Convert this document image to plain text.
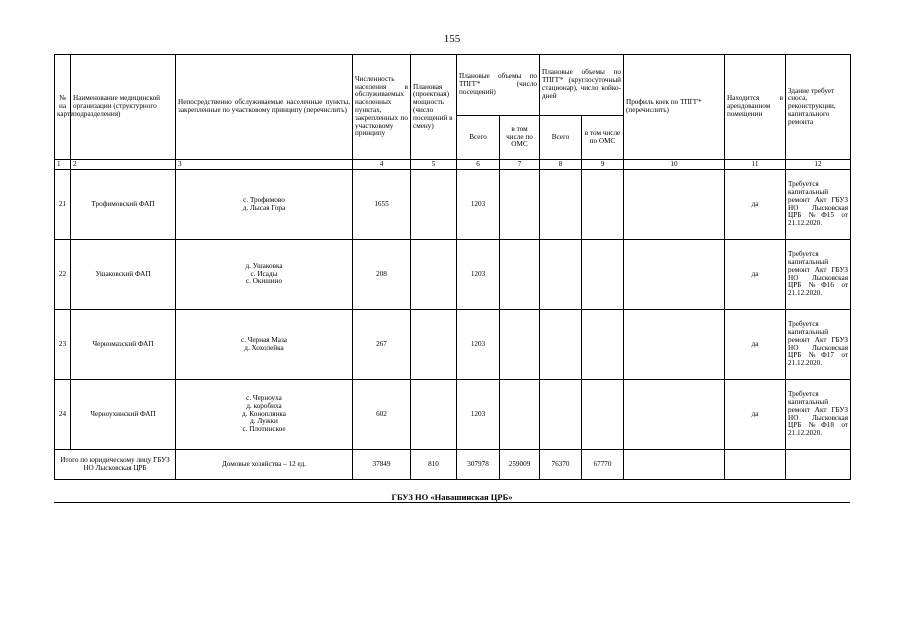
155
№ на карте	Наименование медицинской организации (структурного подразделения)	Непосредственно обслуживаемые населенные пункты, закрепленные по участковому принципу (перечислить)	Численность населения в обслуживаемых населенных пунктах, закрепленных по участковому принципу	Плановая (проектная) мощность (число посещений в смену)	Плановые объемы по ТПГГ* (число посещений)		Плановые объемы по ТПГГ* (круглосуточный стационар), число койко-дней		Профиль коек по ТПГГ* (перечислить)	Находится в арендованном помещении	Здание требует сноса, реконструкции, капитального ремонта
					Всего	в том числе по ОМС	Всего	в том числе по ОМС			
1	2	3	4	5	6	7	8	9	10	11	12
21	Трофимовский ФАП	с. Трофимово
д. Лысая Гора	1655		1203					да	Требуется капитальный ремонт Акт ГБУЗ НО Лысковская ЦРБ №Ф15 от 21.12.2020.
22	Ушаковский ФАП	д. Ушаковка
с. Исады
с. Окишино	208		1203					да	Требуется капитальный ремонт Акт ГБУЗ НО Лысковская ЦРБ №Ф16 от 21.12.2020.
23	Черномазский ФАП	с. Черная Маза
д. Хохолейка	267		1203					да	Требуется капитальный ремонт Акт ГБУЗ НО Лысковская ЦРБ №Ф17 от 21.12.2020.
24	Черноухинский ФАП	с. Черноуха
д. коробиха
д. Коноплянка
д. Лужки
с. Плотинское	602		1203					да	Требуется капитальный ремонт Акт ГБУЗ НО Лысковская ЦРБ №Ф18 от 21.12.2020.
Итого по юридическому лицу ГБУЗ НО Лысковская ЦРБ		Домовые хозяйства – 12 ед.	37849	810	307978	259009	76370	67770			
ГБУЗ НО «Навашинская ЦРБ»
